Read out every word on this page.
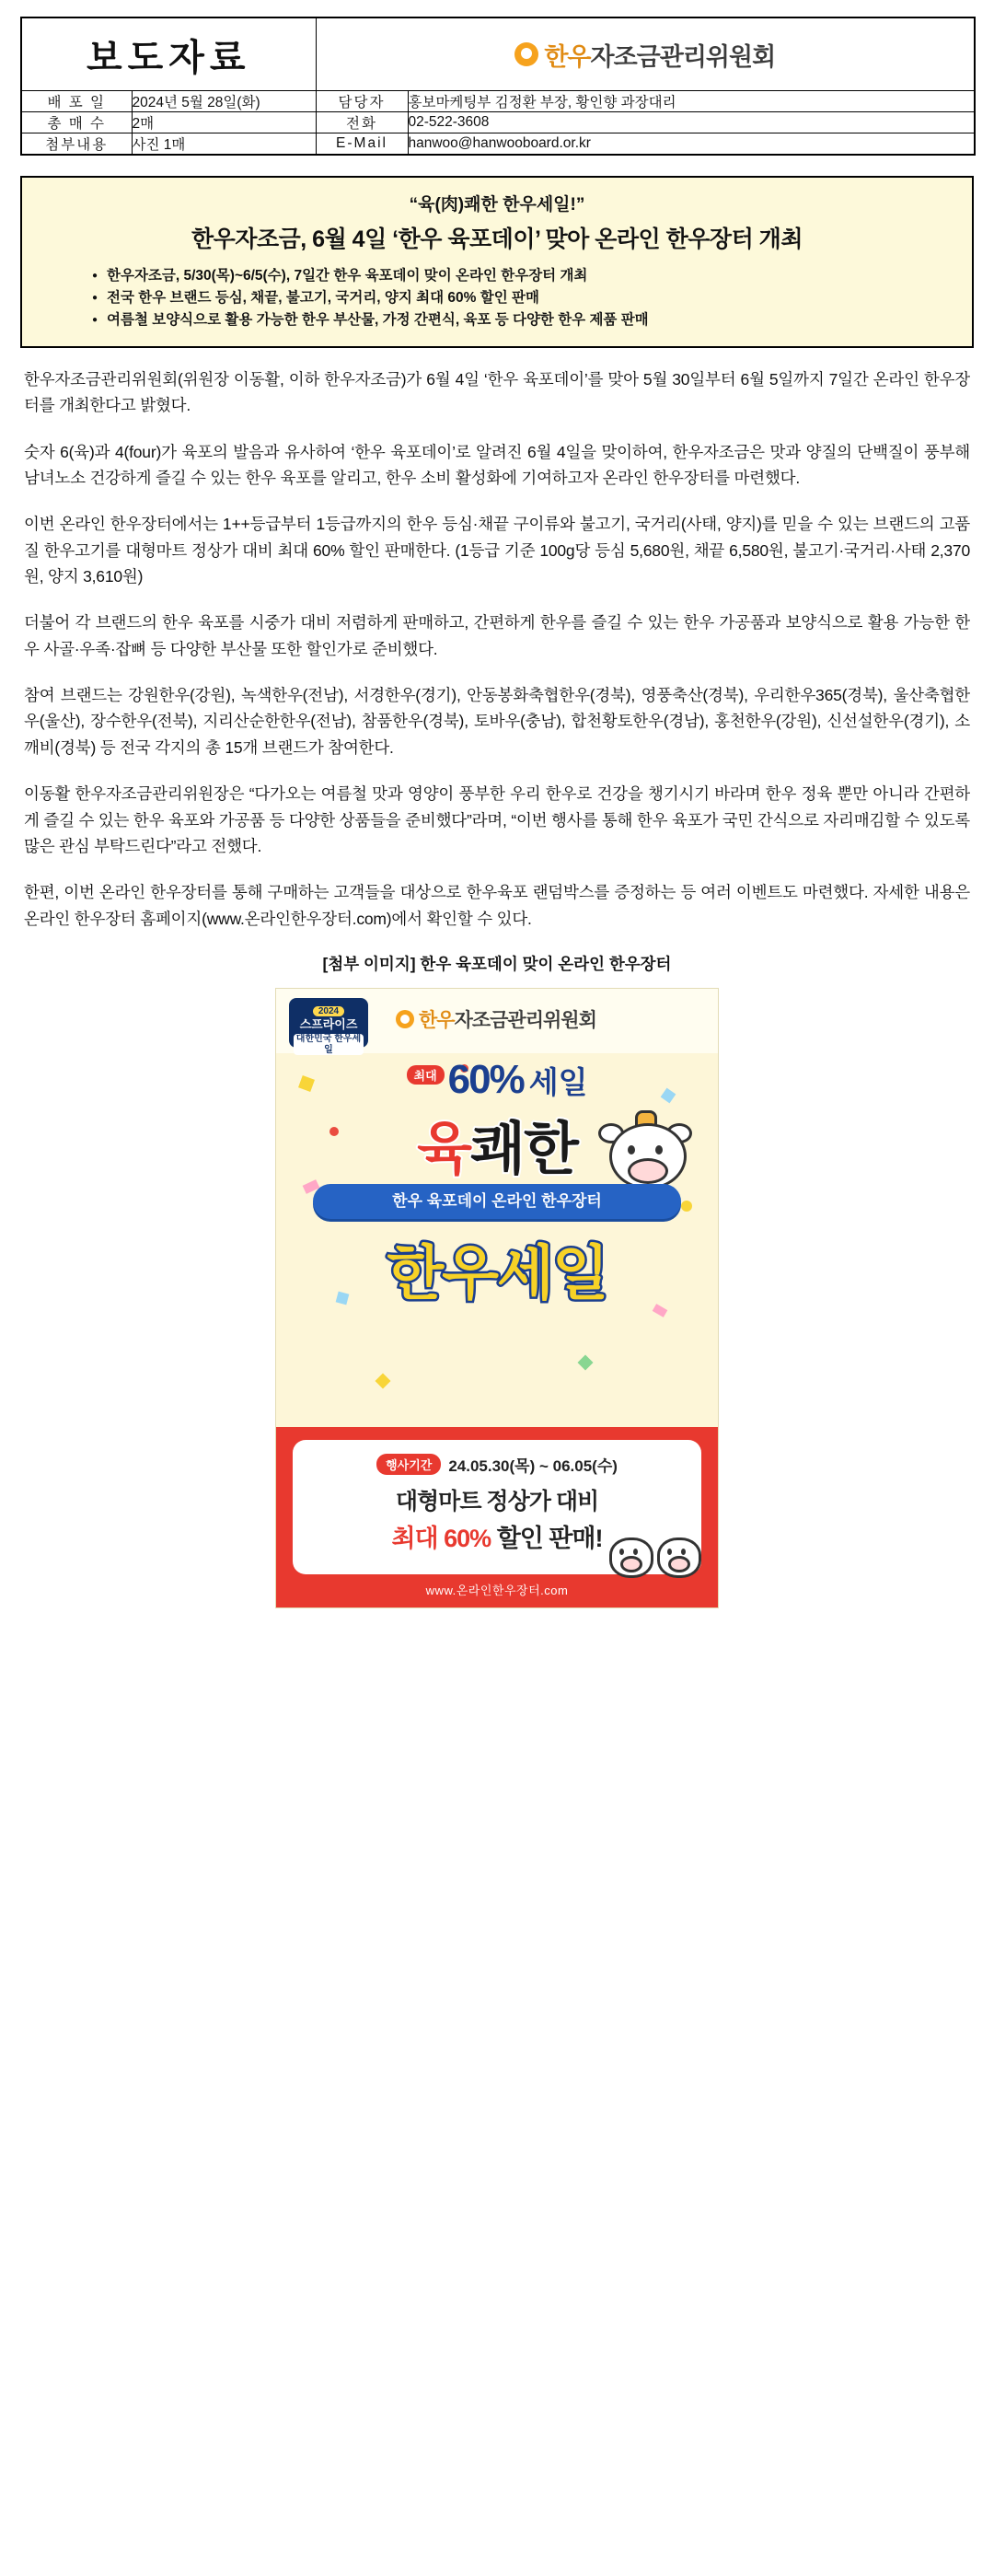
보도자료		한우자조금관리위원회	

배 포 일	2024년 5월 28일(화)	담당자	홍보마케팅부 김정환 부장, 황인향 과장대리
총 매 수	2매	전화	02-522-3608
첨부내용	사진 1매	E-Mail	hanwoo@hanwooboard.or.kr
“육(肉)쾌한 한우세일!”
한우자조금, 6월 4일 ‘한우 육포데이’ 맞아 온라인 한우장터 개최
● 한우자조금, 5/30(목)~6/5(수), 7일간 한우 육포데이 맞이 온라인 한우장터 개최
● 전국 한우 브랜드 등심, 채끝, 불고기, 국거리, 양지 최대 60% 할인 판매
● 여름철 보양식으로 활용 가능한 한우 부산물, 가정 간편식, 육포 등 다양한 한우 제품 판매

한우자조금관리위원회(위원장 이동활, 이하 한우자조금)가 6월 4일 ‘한우 육포데이’를 맞아 5월 30일부터 6월 5일까지 7일간 온라인 한우장터를 개최한다고 밝혔다.

숫자 6(육)과 4(four)가 육포의 발음과 유사하여 ‘한우 육포데이’로 알려진 6월 4일을 맞이하여, 한우자조금은 맛과 양질의 단백질이 풍부해 남녀노소 건강하게 즐길 수 있는 한우 육포를 알리고, 한우 소비 활성화에 기여하고자 온라인 한우장터를 마련했다.

이번 온라인 한우장터에서는 1++등급부터 1등급까지의 한우 등심·채끝 구이류와 불고기, 국거리(사태, 양지)를 믿을 수 있는 브랜드의 고품질 한우고기를 대형마트 정상가 대비 최대 60% 할인 판매한다. (1등급 기준 100g당 등심 5,680원, 채끝 6,580원, 불고기·국거리·사태 2,370원, 양지 3,610원)

더불어 각 브랜드의 한우 육포를 시중가 대비 저렴하게 판매하고, 간편하게 한우를 즐길 수 있는 한우 가공품과 보양식으로 활용 가능한 한우 사골·우족·잡뼈 등 다양한 부산물 또한 할인가로 준비했다.

참여 브랜드는 강원한우(강원), 녹색한우(전남), 서경한우(경기), 안동봉화축협한우(경북), 영풍축산(경북), 우리한우365(경북), 울산축협한우(울산), 장수한우(전북), 지리산순한한우(전남), 참품한우(경북), 토바우(충남), 합천황토한우(경남), 홍천한우(강원), 신선설한우(경기), 소깨비(경북) 등 전국 각지의 총 15개 브랜드가 참여한다.

이동활 한우자조금관리위원장은 “다가오는 여름철 맛과 영양이 풍부한 우리 한우로 건강을 챙기시기 바라며 한우 정육 뿐만 아니라 간편하게 즐길 수 있는 한우 육포와 가공품 등 다양한 상품들을 준비했다”라며, “이번 행사를 통해 한우 육포가 국민 간식으로 자리매김할 수 있도록 많은 관심 부탁드린다”라고 전했다.

한편, 이번 온라인 한우장터를 통해 구매하는 고객들을 대상으로 한우육포 랜덤박스를 증정하는 등 여러 이벤트도 마련했다. 자세한 내용은 온라인 한우장터 홈페이지(www.온라인한우장터.com)에서 확인할 수 있다.

[첨부 이미지] 한우 육포데이 맞이 온라인 한우장터
2024
스프라이즈
대한민국 한우세일
한우자조금관리위원회
최대 60% 세일
육쾌한
한우 육포데이 온라인 한우장터
한우세일
행사기간	24.05.30(목) ~ 06.05(수)
대형마트 정상가 대비
최대 60% 할인 판매!
www.온라인한우장터.com
